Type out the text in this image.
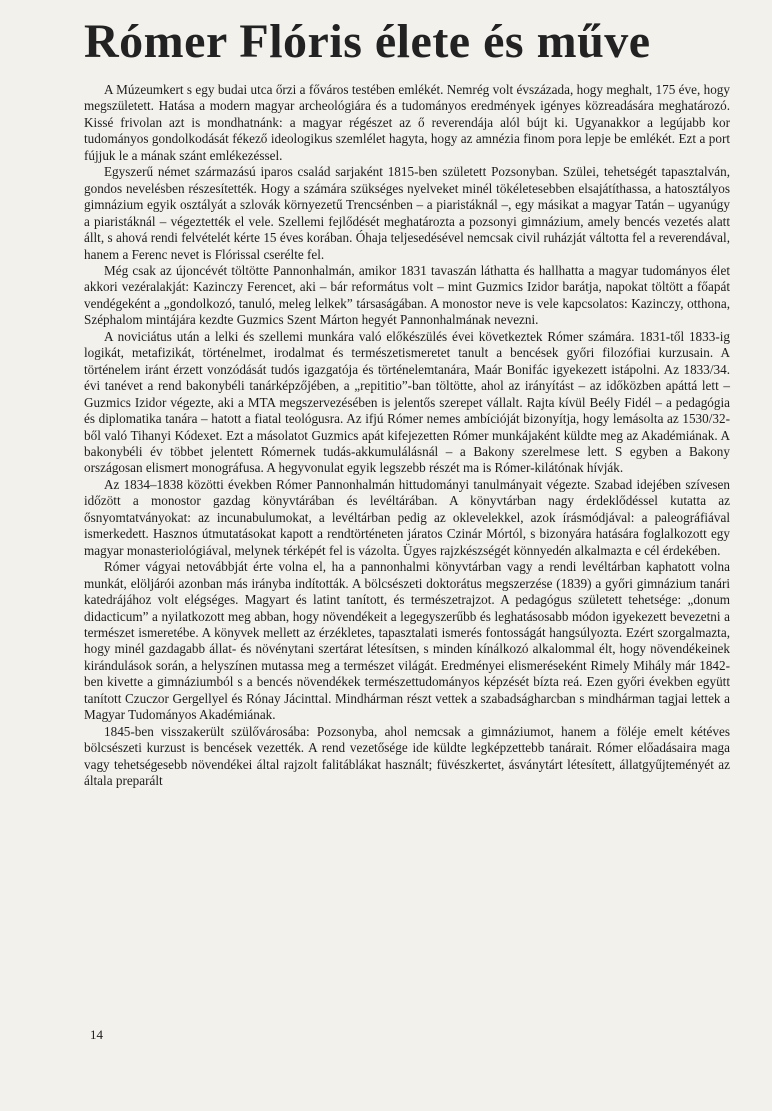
Rómer Flóris élete és műve

A Múzeumkert s egy budai utca őrzi a főváros testében emlékét. Nemrég volt évszázada, hogy meghalt, 175 éve, hogy megszületett. Hatása a modern magyar archeológiára és a tudományos eredmények igényes közreadására meghatározó. Kissé frivolan azt is mondhatnánk: a magyar régészet az ő reverendája alól bújt ki. Ugyanakkor a legújabb kor tudományos gondolkodását fékező ideologikus szemlélet hagyta, hogy az amnézia finom pora lepje be emlékét. Ezt a port fújjuk le a mának szánt emlékezéssel.

Egyszerű német származású iparos család sarjaként 1815-ben született Pozsonyban. Szülei, tehetségét tapasztalván, gondos nevelésben részesítették. Hogy a számára szükséges nyelveket minél tökéletesebben elsajátíthassa, a hatosztályos gimnázium egyik osztályát a szlovák környezetű Trencsénben – a piaristáknál –, egy másikat a magyar Tatán – ugyanúgy a piaristáknál – végeztették el vele. Szellemi fejlődését meghatározta a pozsonyi gimnázium, amely bencés vezetés alatt állt, s ahová rendi felvételét kérte 15 éves korában. Óhaja teljesedésével nemcsak civil ruházját váltotta fel a reverendával, hanem a Ferenc nevet is Flórissal cserélte fel.

Még csak az újoncévét töltötte Pannonhalmán, amikor 1831 tavaszán láthatta és hallhatta a magyar tudományos élet akkori vezéralakját: Kazinczy Ferencet, aki – bár református volt – mint Guzmics Izidor barátja, napokat töltött a főapát vendégeként a „gondolkozó, tanuló, meleg lelkek” társaságában. A monostor neve is vele kapcsolatos: Kazinczy, otthona, Széphalom mintájára kezdte Guzmics Szent Márton hegyét Pannonhalmának nevezni.

A noviciátus után a lelki és szellemi munkára való előkészülés évei következtek Rómer számára. 1831-től 1833-ig logikát, metafizikát, történelmet, irodalmat és természetismeretet tanult a bencések győri filozófiai kurzusain. A történelem iránt érzett vonzódását tudós igazgatója és történelemtanára, Maár Bonifác igyekezett istápolni. Az 1833/34. évi tanévet a rend bakonybéli tanárképzőjében, a „repititio”-ban töltötte, ahol az irányítást – az időközben apáttá lett – Guzmics Izidor végezte, aki a MTA megszervezésében is jelentős szerepet vállalt. Rajta kívül Beély Fidél – a pedagógia és diplomatika tanára – hatott a fiatal teológusra. Az ifjú Rómer nemes ambícióját bizonyítja, hogy lemásolta az 1530/32-ből való Tihanyi Kódexet. Ezt a másolatot Guzmics apát kifejezetten Rómer munkájaként küldte meg az Akadémiának. A bakonybéli év többet jelentett Rómernek tudás-akkumulálásnál – a Bakony szerelmese lett. S egyben a Bakony országosan elismert monográfusa. A hegyvonulat egyik legszebb részét ma is Rómer-kilátónak hívják.

Az 1834–1838 közötti években Rómer Pannonhalmán hittudományi tanulmányait végezte. Szabad idejében szívesen időzött a monostor gazdag könyvtárában és levéltárában. A könyvtárban nagy érdeklődéssel kutatta az ősnyomtatványokat: az incunabulumokat, a levéltárban pedig az oklevelekkel, azok írásmódjával: a paleográfiával ismerkedett. Hasznos útmutatásokat kapott a rendtörténeten járatos Czinár Mórtól, s bizonyára hatására foglalkozott egy magyar monasteriológiával, melynek térképét fel is vázolta. Ügyes rajzkészségét könnyedén alkalmazta e cél érdekében.

Rómer vágyai netovábbját érte volna el, ha a pannonhalmi könyvtárban vagy a rendi levéltárban kaphatott volna munkát, elöljárói azonban más irányba indították. A bölcsészeti doktorátus megszerzése (1839) a győri gimnázium tanári katedrájához volt elégséges. Magyart és latint tanított, és természetrajzot. A pedagógus született tehetsége: „donum didacticum” a nyilatkozott meg abban, hogy növendékeit a legegyszerűbb és leghatásosabb módon igyekezett bevezetni a természet ismeretébe. A könyvek mellett az érzékletes, tapasztalati ismerés fontosságát hangsúlyozta. Ezért szorgalmazta, hogy minél gazdagabb állat- és növénytani szertárat létesítsen, s minden kínálkozó alkalommal élt, hogy növendékeinek kirándulások során, a helyszínen mutassa meg a természet világát. Eredményei elismeréseként Rimely Mihály már 1842-ben kivette a gimnáziumból s a bencés növendékek természettudományos képzését bízta reá. Ezen győri években együtt tanított Czuczor Gergellyel és Rónay Jácinttal. Mindhárman részt vettek a szabadságharcban s mindhárman tagjai lettek a Magyar Tudományos Akadémiának.

1845-ben visszakerült szülővárosába: Pozsonyba, ahol nemcsak a gimnáziumot, hanem a föléje emelt kétéves bölcsészeti kurzust is bencések vezették. A rend vezetősége ide küldte legképzettebb tanárait. Rómer előadásaira maga vagy tehetségesebb növendékei által rajzolt falitáblákat használt; füvészkertet, ásványtárt létesített, állatgyűjteményét az általa preparált

14
